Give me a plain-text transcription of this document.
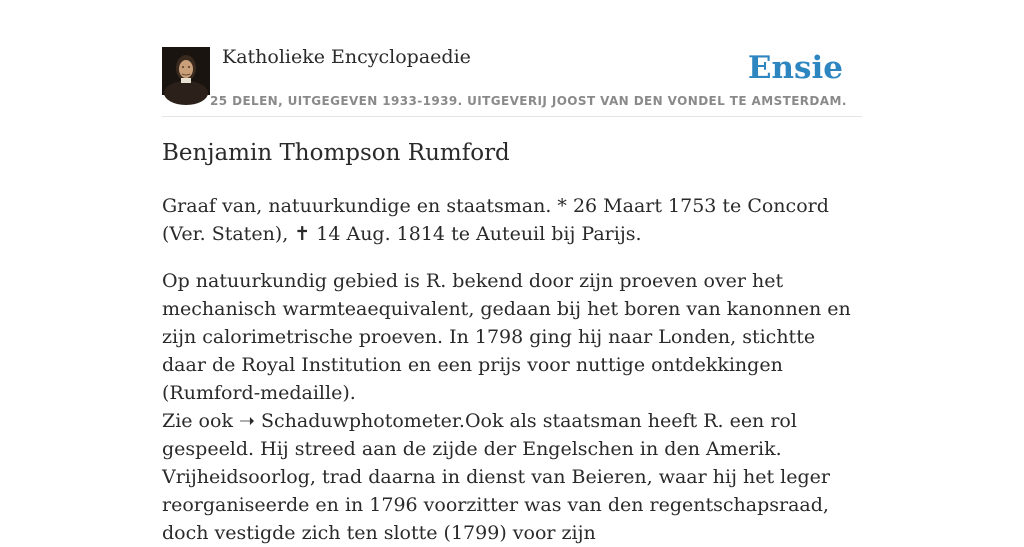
Katholieke Encyclopaedie
25 DELEN, UITGEGEVEN 1933-1939. UITGEVERIJ JOOST VAN DEN VONDEL TE AMSTERDAM.
Ensie
Benjamin Thompson Rumford

Graaf van, natuurkundige en staatsman. * 26 Maart 1753 te Concord (Ver. Staten), ✝ 14 Aug. 1814 te Auteuil bij Parijs.

Op natuurkundig gebied is R. bekend door zijn proeven over het mechanisch warmteaequivalent, gedaan bij het boren van kanonnen en zijn calorimetrische proeven. In 1798 ging hij naar Londen, stichtte daar de Royal Institution en een prijs voor nuttige ontdekkingen (Rumford-medaille).

Zie ook ➝ Schaduwphotometer.Ook als staatsman heeft R. een rol gespeeld. Hij streed aan de zijde der Engelschen in den Amerik. Vrijheidsoorlog, trad daarna in dienst van Beieren, waar hij het leger reorganiseerde en in 1796 voorzitter was van den regentschapsraad, doch vestigde zich ten slotte (1799) voor zijn
